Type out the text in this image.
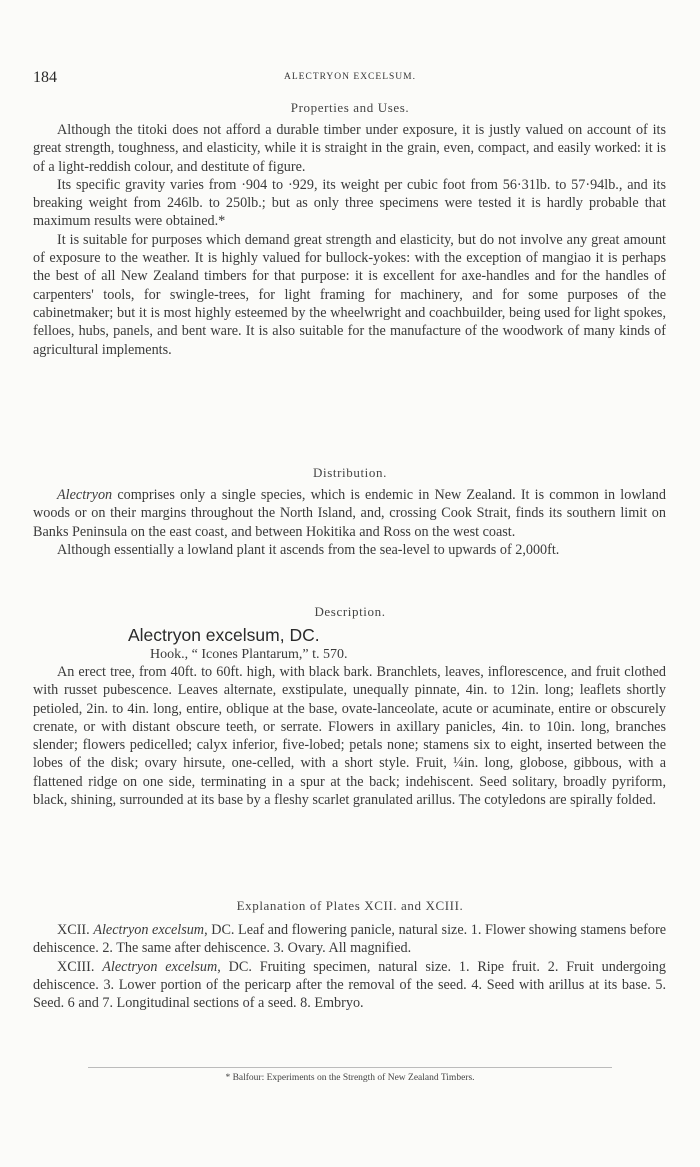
184	ALECTRYON EXCELSUM.
Properties and Uses.

Although the titoki does not afford a durable timber under exposure, it is justly valued on account of its great strength, toughness, and elasticity, while it is straight in the grain, even, compact, and easily worked: it is of a light-reddish colour, and destitute of figure.

Its specific gravity varies from ·904 to ·929, its weight per cubic foot from 56·31lb. to 57·94lb., and its breaking weight from 246lb. to 250lb.; but as only three specimens were tested it is hardly probable that maximum results were obtained.*

It is suitable for purposes which demand great strength and elasticity, but do not involve any great amount of exposure to the weather. It is highly valued for bullock-yokes: with the exception of mangiao it is perhaps the best of all New Zealand timbers for that purpose: it is excellent for axe-handles and for the handles of carpenters' tools, for swingle-trees, for light framing for machinery, and for some purposes of the cabinetmaker; but it is most highly esteemed by the wheelwright and coachbuilder, being used for light spokes, felloes, hubs, panels, and bent ware. It is also suitable for the manufacture of the woodwork of many kinds of agricultural implements.

Distribution.

Alectryon comprises only a single species, which is endemic in New Zealand. It is common in lowland woods or on their margins throughout the North Island, and, crossing Cook Strait, finds its southern limit on Banks Peninsula on the east coast, and between Hokitika and Ross on the west coast.

Although essentially a lowland plant it ascends from the sea-level to upwards of 2,000ft.

Description.
Alectryon excelsum, DC.
Hook., “ Icones Plantarum,” t. 570.

An erect tree, from 40ft. to 60ft. high, with black bark. Branchlets, leaves, inflorescence, and fruit clothed with russet pubescence. Leaves alternate, exstipulate, unequally pinnate, 4in. to 12in. long; leaflets shortly petioled, 2in. to 4in. long, entire, oblique at the base, ovate-lanceolate, acute or acuminate, entire or obscurely crenate, or with distant obscure teeth, or serrate. Flowers in axillary panicles, 4in. to 10in. long, branches slender; flowers pedicelled; calyx inferior, five-lobed; petals none; stamens six to eight, inserted between the lobes of the disk; ovary hirsute, one-celled, with a short style. Fruit, ¼in. long, globose, gibbous, with a flattened ridge on one side, terminating in a spur at the back; indehiscent. Seed solitary, broadly pyriform, black, shining, surrounded at its base by a fleshy scarlet granulated arillus. The cotyledons are spirally folded.

Explanation of Plates XCII. and XCIII.

XCII. Alectryon excelsum, DC. Leaf and flowering panicle, natural size. 1. Flower showing stamens before dehiscence. 2. The same after dehiscence. 3. Ovary. All magnified.

XCIII. Alectryon excelsum, DC. Fruiting specimen, natural size. 1. Ripe fruit. 2. Fruit undergoing dehiscence. 3. Lower portion of the pericarp after the removal of the seed. 4. Seed with arillus at its base. 5. Seed. 6 and 7. Longitudinal sections of a seed. 8. Embryo.

* Balfour: Experiments on the Strength of New Zealand Timbers.
